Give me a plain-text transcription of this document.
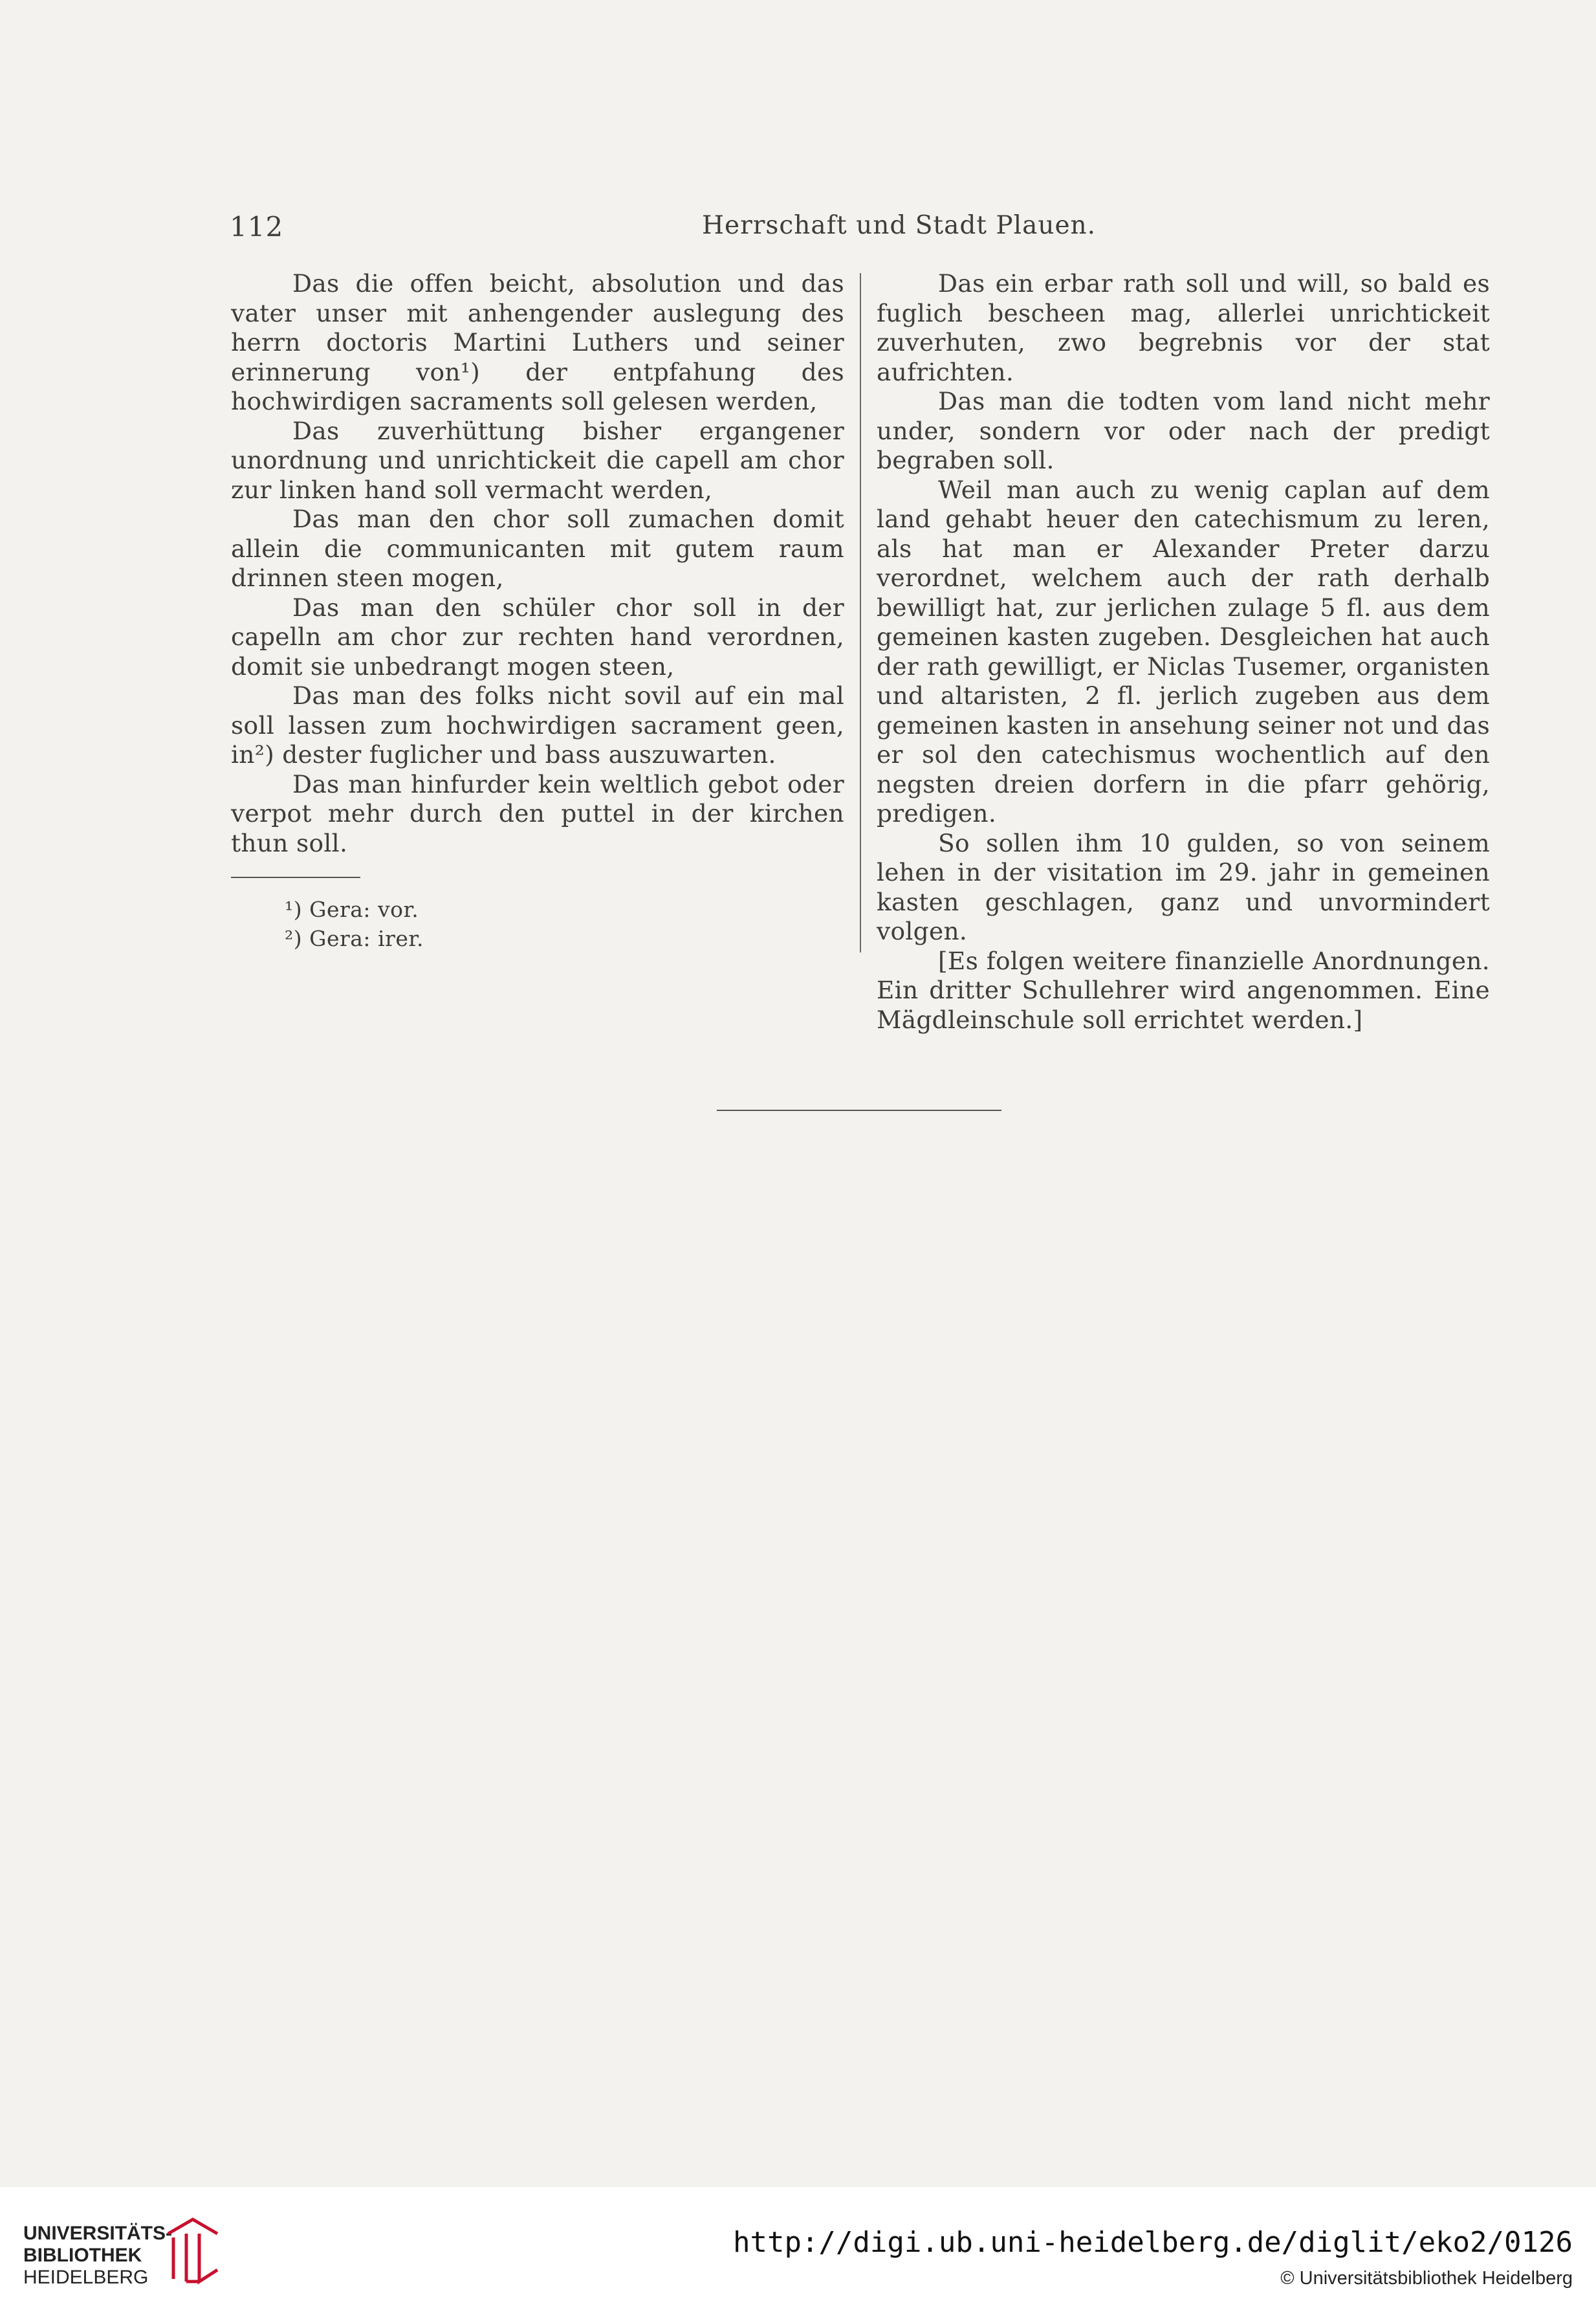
112	Herrschaft und Stadt Plauen.

Das die offen beicht, absolution und das vater unser mit anhengender auslegung des herrn doctoris Martini Luthers und seiner erinnerung von¹) der entpfahung des hochwirdigen sacraments soll gelesen werden,

Das zuverhüttung bisher ergangener unordnung und unrichtickeit die capell am chor zur linken hand soll vermacht werden,

Das man den chor soll zumachen domit allein die communicanten mit gutem raum drinnen steen mogen,

Das man den schüler chor soll in der capelln am chor zur rechten hand verordnen, domit sie unbedrangt mogen steen,

Das man des folks nicht sovil auf ein mal soll lassen zum hochwirdigen sacrament geen, in²) dester fuglicher und bass auszuwarten.

Das man hinfurder kein weltlich gebot oder verpot mehr durch den puttel in der kirchen thun soll.

Das ein erbar rath soll und will, so bald es fuglich bescheen mag, allerlei unrichtickeit zuverhuten, zwo begrebnis vor der stat aufrichten.

Das man die todten vom land nicht mehr under, sondern vor oder nach der predigt begraben soll.

Weil man auch zu wenig caplan auf dem land gehabt heuer den catechismum zu leren, als hat man er Alexander Preter darzu verordnet, welchem auch der rath derhalb bewilligt hat, zur jerlichen zulage 5 fl. aus dem gemeinen kasten zugeben. Desgleichen hat auch der rath gewilligt, er Niclas Tusemer, organisten und altaristen, 2 fl. jerlich zugeben aus dem gemeinen kasten in ansehung seiner not und das er sol den catechismus wochentlich auf den negsten dreien dorfern in die pfarr gehörig, predigen.

So sollen ihm 10 gulden, so von seinem lehen in der visitation im 29. jahr in gemeinen kasten geschlagen, ganz und unvormindert volgen.

[Es folgen weitere finanzielle Anordnungen. Ein dritter Schullehrer wird angenommen. Eine Mägdleinschule soll errichtet werden.]

¹) Gera: vor.
²) Gera: irer.
UNIVERSITÄTS-
BIBLIOTHEK
HEIDELBERG
http://digi.ub.uni-heidelberg.de/diglit/eko2/0126
© Universitätsbibliothek Heidelberg
